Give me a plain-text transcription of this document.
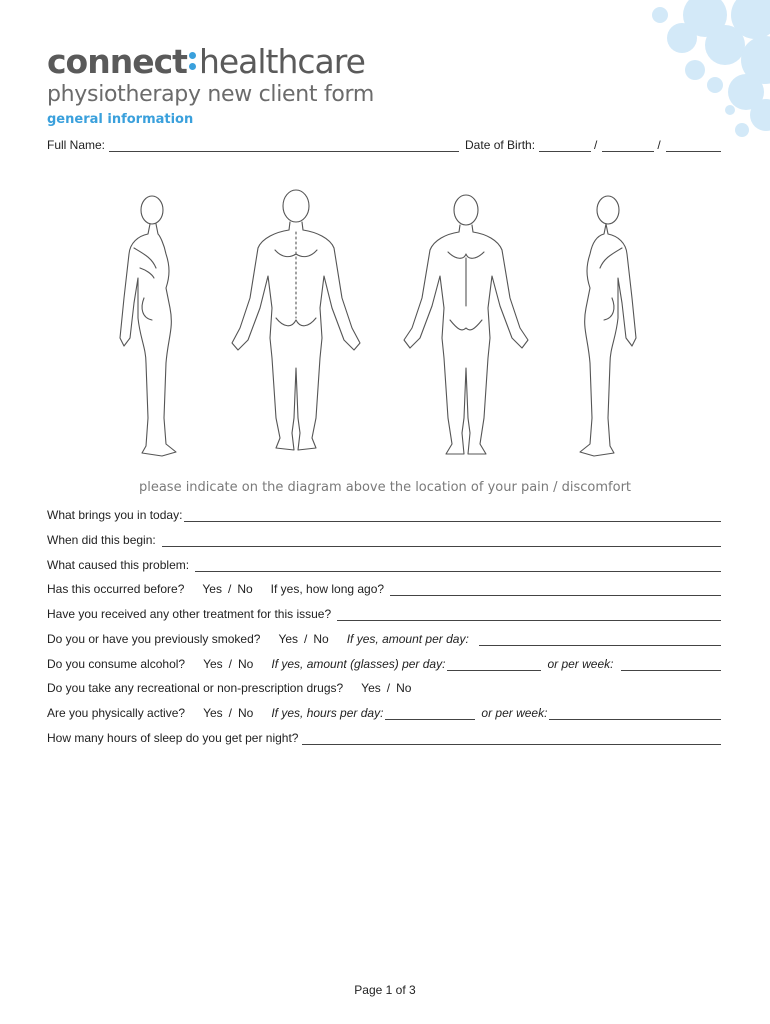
connect healthcare
physiotherapy new client form
general information
Full Name:	Date of Birth:	/	/
please indicate on the diagram above the location of your pain / discomfort
What brings you in today:
When did this begin:
What caused this problem:
Has this occurred before? Yes / No If yes, how long ago?
Have you received any other treatment for this issue?
Do you or have you previously smoked? Yes / No If yes, amount per day:
Do you consume alcohol? Yes / No If yes, amount (glasses) per day:	or per week:
Do you take any recreational or non-prescription drugs? Yes / No
Are you physically active? Yes / No If yes, hours per day:	or per week:
How many hours of sleep do you get per night?
Page 1 of 3
